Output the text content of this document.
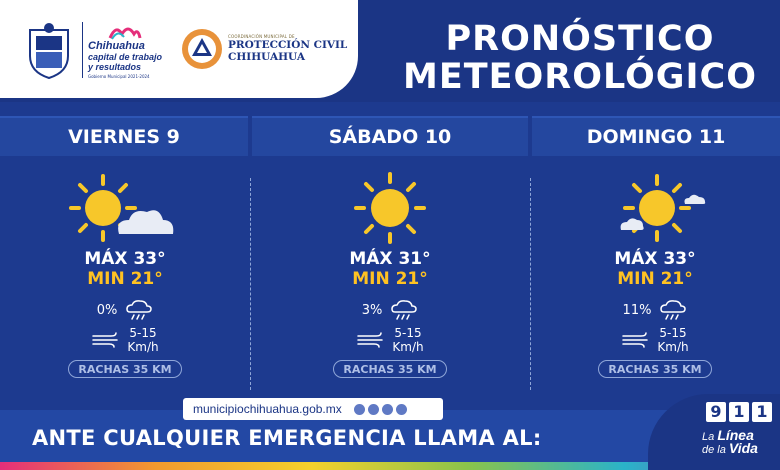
Chihuahua
capital de trabajo
y resultados
Gobierno Municipal 2021-2024
COORDINACIÓN MUNICIPAL DE
PROTECCIÓN CIVIL
CHIHUAHUA	PRONÓSTICO
METEOROLÓGICO
VIERNES 9	SÁBADO 10	DOMINGO 11
MÁX 33°
MIN 21°
0%
5-15
Km/h
RACHAS 35 KM
MÁX 31°
MIN 21°
3%
5-15
Km/h
RACHAS 35 KM
MÁX 33°
MIN 21°
11%
5-15
Km/h
RACHAS 35 KM
municipiochihuahua.gob.mx
ANTE CUALQUIER EMERGENCIA LLAMA AL:
9 1 1
La Línea
de la Vida
